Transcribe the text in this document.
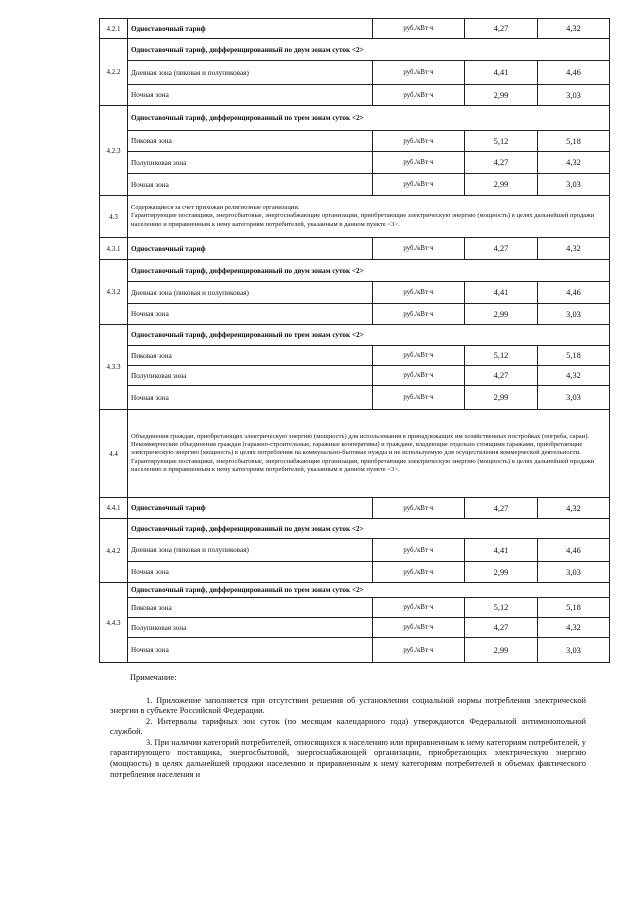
4.2.1	Одноставочный тариф	руб./кВт·ч	4,27	4,32
4.2.2	Одноставочный тариф, дифференцированный по двум зонам суток <2>			
	Дневная зона (пиковая и полупиковая)	руб./кВт·ч	4,41	4,46
	Ночная зона	руб./кВт·ч	2,99	3,03
4.2.3	Одноставочный тариф, дифференцированный по трем зонам суток <2>			
	Пиковая зона	руб./кВт·ч	5,12	5,18
	Полупиковая зона	руб./кВт·ч	4,27	4,32
	Ночная зона	руб./кВт·ч	2,99	3,03
4.3	Содержащиеся за счет прихожан религиозные организации.
Гарантирующие поставщики, энергосбытовые, энергоснабжающие организации, приобретающие электрическую энергию (мощность) в целях дальнейшей продажи населению и приравненным к нему категориям потребителей, указанным в данном пункте <3>.			

4.3.1	Одноставочный тариф	руб./кВт·ч	4,27	4,32
4.3.2	Одноставочный тариф, дифференцированный по двум зонам суток <2>			
	Дневная зона (пиковая и полупиковая)	руб./кВт·ч	4,41	4,46
	Ночная зона	руб./кВт·ч	2,99	3,03
4.3.3	Одноставочный тариф, дифференцированный по трем зонам суток <2>			
	Пиковая зона	руб./кВт·ч	5,12	5,18
	Полупиковая зона	руб./кВт·ч	4,27	4,32
	Ночная зона	руб./кВт·ч	2,99	3,03
4.4	Объединения граждан, приобретающих электрическую энергию (мощность) для использования в принадлежащих им хозяйственных постройках (погреба, сараи).
Некоммерческие объединения граждан (гаражно-строительные, гаражные кооперативы) и граждане, владеющие отдельно стоящими гаражами, приобретающие электрическую энергию (мощность) в целях потребления на коммунально-бытовые нужды и не используемую для осуществления коммерческой деятельности.
Гарантирующие поставщики, энергосбытовые, энергоснабжающие организации, приобретающие электрическую энергию (мощность) в целях дальнейшей продажи населению и приравненным к нему категориям потребителей, указанным в данном пункте <3>.			

4.4.1	Одноставочный тариф	руб./кВт·ч	4,27	4,32
4.4.2	Одноставочный тариф, дифференцированный по двум зонам суток <2>			
	Дневная зона (пиковая и полупиковая)	руб./кВт·ч	4,41	4,46
	Ночная зона	руб./кВт·ч	2,99	3,03
4.4.3	Одноставочный тариф, дифференцированный по трем зонам суток <2>			
	Пиковая зона	руб./кВт·ч	5,12	5,18
	Полупиковая зона	руб./кВт·ч	4,27	4,32
	Ночная зона	руб./кВт·ч	2,99	3,03

Примечание:

1. Приложение заполняется при отсутствии решения об установлении социальной нормы потребления электрической энергии в субъекте Российской Федерации.

2. Интервалы тарифных зон суток (по месяцам календарного года) утверждаются Федеральной антимонопольной службой.

3. При наличии категорий потребителей, относящихся к населению или приравненным к нему категориям потребителей, у гарантирующего поставщика, энергосбытовой, энергоснабжающей организации, приобретающих электрическую энергию (мощность) в целях дальнейшей продажи населению и приравненным к нему категориям потребителей в объемах фактического потребления населения и
